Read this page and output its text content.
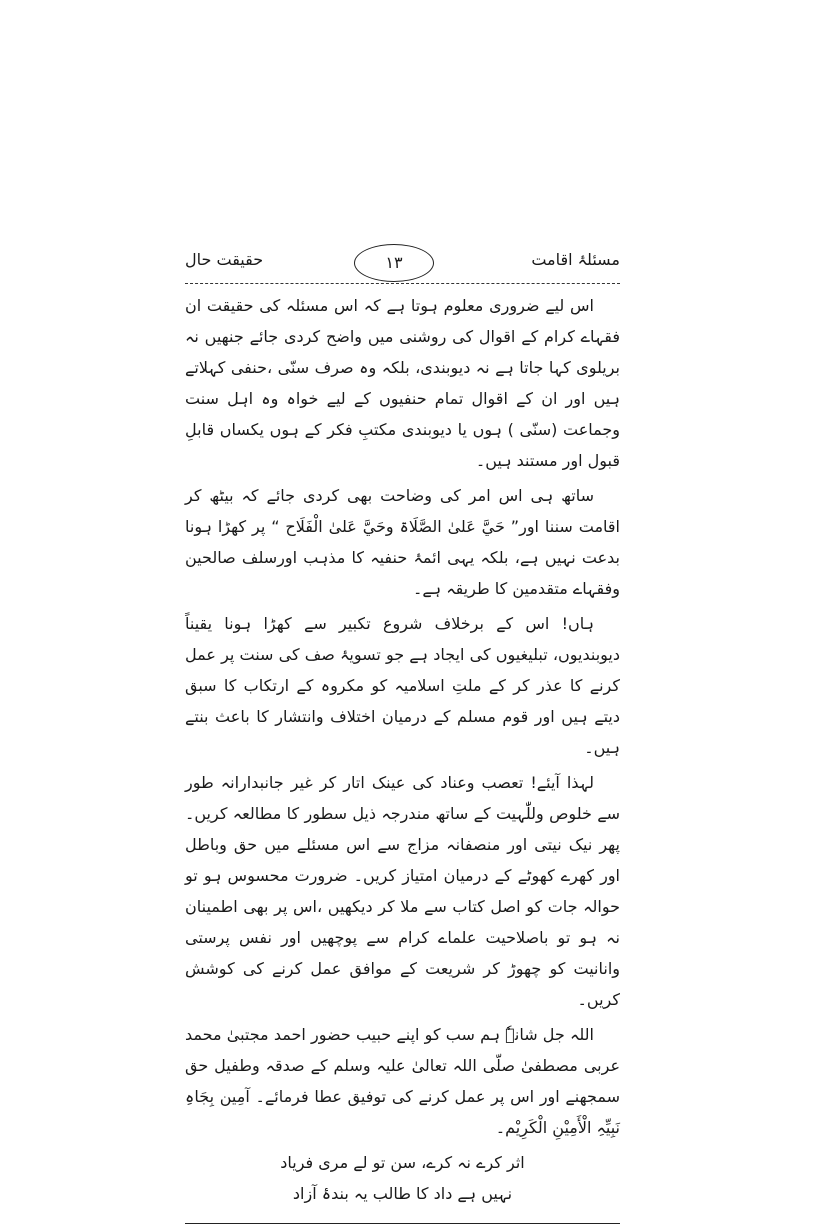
مسئلۂ اقامت
۱۳
حقیقت حال

اس لیے ضروری معلوم ہوتا ہے کہ اس مسئلہ کی حقیقت ان فقہاے کرام کے اقوال کی روشنی میں واضح کردی جائے جنھیں نہ بریلوی کہا جاتا ہے نہ دیوبندی، بلکہ وہ صرف سنّی ،حنفی کہلاتے ہیں اور ان کے اقوال تمام حنفیوں کے لیے خواہ وہ اہل سنت وجماعت (سنّی ) ہوں یا دیوبندی مکتبِ فکر کے ہوں یکساں قابلِ قبول اور مستند ہیں۔

ساتھ ہی اس امر کی وضاحت بھی کردی جائے کہ بیٹھ کر اقامت سننا اور” حَيَّ عَلیٰ الصَّلَاۃ وحَيَّ عَلیٰ الْفَلَاح “ پر کھڑا ہونا بدعت نہیں ہے، بلکہ یہی ائمۂ حنفیہ کا مذہب اورسلف صالحین وفقہاے متقدمین کا طریقہ ہے۔

ہاں! اس کے برخلاف شروع تکبیر سے کھڑا ہونا یقیناً دیوبندیوں، تبلیغیوں کی ایجاد ہے جو تسویۂ صف کی سنت پر عمل کرنے کا عذر کر کے ملتِ اسلامیہ کو مکروہ کے ارتکاب کا سبق دیتے ہیں اور قوم مسلم کے درمیان اختلاف وانتشار کا باعث بنتے ہیں۔

لہذا آیئے! تعصب وعناد کی عینک اتار کر غیر جانبدارانہ طور سے خلوص وللّٰہیت کے ساتھ مندرجہ ذیل سطور کا مطالعہ کریں۔ پھر نیک نیتی اور منصفانہ مزاج سے اس مسئلے میں حق وباطل اور کھرے کھوٹے کے درمیان امتیاز کریں۔ ضرورت محسوس ہو تو حوالہ جات کو اصل کتاب سے ملا کر دیکھیں ،اس پر بھی اطمینان نہ ہو تو باصلاحیت علماے کرام سے پوچھیں اور نفس پرستی وانانیت کو چھوڑ کر شریعت کے موافق عمل کرنے کی کوشش کریں۔

اللہ جل شانہٗ ہم سب کو اپنے حبیب حضور احمد مجتبیٰ محمد عربی مصطفیٰ صلّی اللہ تعالیٰ علیہ وسلم کے صدقہ وطفیل حق سمجھنے اور اس پر عمل کرنے کی توفیق عطا فرمائے۔ آمِین بِجَاہِ نَبِیِّہِ الْأَمِیْنِ الْکَرِیْم۔

اثر کرے نہ کرے، سن تو لے مری فریاد
نہیں ہے داد کا طالب یہ بندۂ آزاد
